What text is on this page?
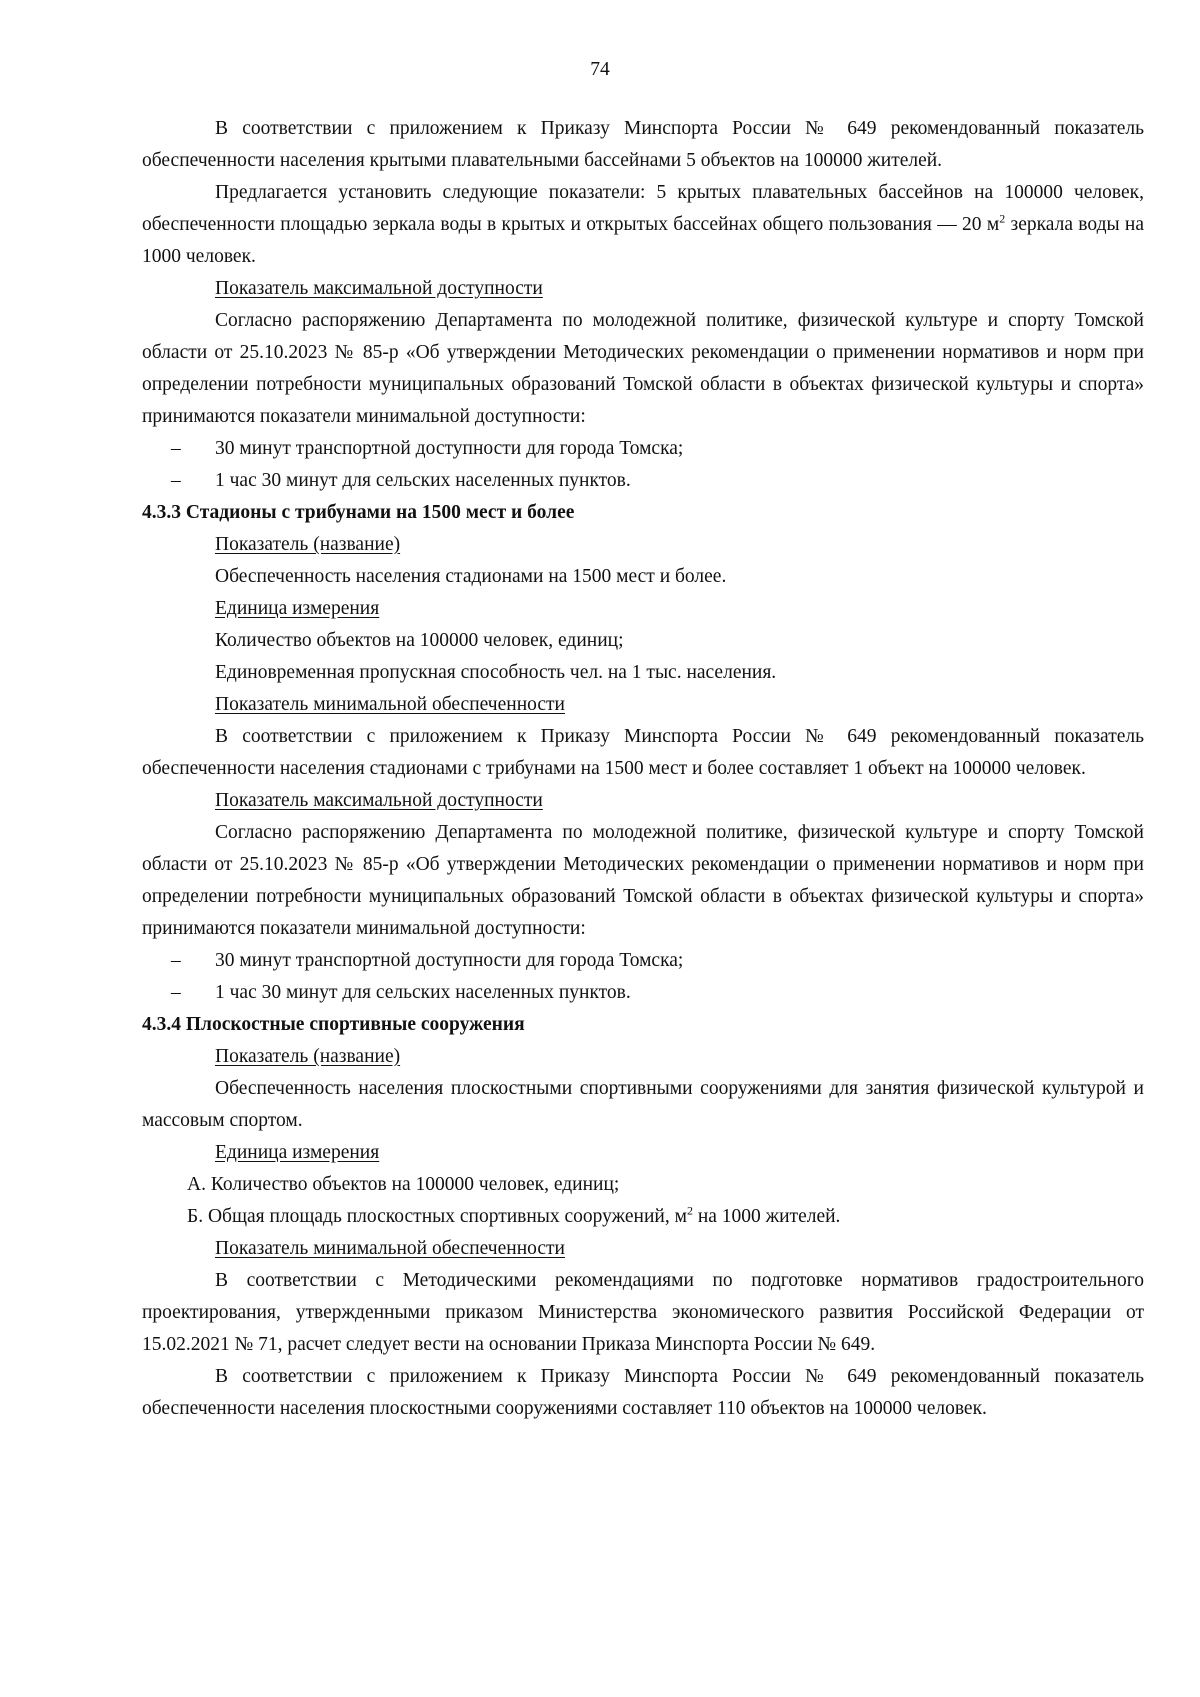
74

В соответствии с приложением к Приказу Минспорта России № 649 рекомендованный показатель обеспеченности населения крытыми плавательными бассейнами 5 объектов на 100000 жителей.

Предлагается установить следующие показатели: 5 крытых плавательных бассейнов на 100000 человек, обеспеченности площадью зеркала воды в крытых и открытых бассейнах общего пользования — 20 $м^2$ зеркала воды на 1000 человек.

Показатель максимальной доступности

Согласно распоряжению Департамента по молодежной политике, физической культуре и спорту Томской области от 25.10.2023 № 85-р «Об утверждении Методических рекомендации о применении нормативов и норм при определении потребности муниципальных образований Томской области в объектах физической культуры и спорта» принимаются показатели минимальной доступности:

– 30 минут транспортной доступности для города Томска;

– 1 час 30 минут для сельских населенных пунктов.

4.3.3 Стадионы с трибунами на 1500 мест и более

Показатель (название)

Обеспеченность населения стадионами на 1500 мест и более.

Единица измерения

Количество объектов на 100000 человек, единиц;

Единовременная пропускная способность чел. на 1 тыс. населения.

Показатель минимальной обеспеченности

В соответствии с приложением к Приказу Минспорта России № 649 рекомендованный показатель обеспеченности населения стадионами с трибунами на 1500 мест и более составляет 1 объект на 100000 человек.

Показатель максимальной доступности

Согласно распоряжению Департамента по молодежной политике, физической культуре и спорту Томской области от 25.10.2023 № 85-р «Об утверждении Методических рекомендации о применении нормативов и норм при определении потребности муниципальных образований Томской области в объектах физической культуры и спорта» принимаются показатели минимальной доступности:

– 30 минут транспортной доступности для города Томска;

– 1 час 30 минут для сельских населенных пунктов.

4.3.4 Плоскостные спортивные сооружения

Показатель (название)

Обеспеченность населения плоскостными спортивными сооружениями для занятия физической культурой и массовым спортом.

Единица измерения

А. Количество объектов на 100000 человек, единиц;

Б. Общая площадь плоскостных спортивных сооружений, $м^2$ на 1000 жителей.

Показатель минимальной обеспеченности

В соответствии с Методическими рекомендациями по подготовке нормативов градостроительного проектирования, утвержденными приказом Министерства экономического развития Российской Федерации от 15.02.2021 № 71, расчет следует вести на основании Приказа Минспорта России № 649.

В соответствии с приложением к Приказу Минспорта России № 649 рекомендованный показатель обеспеченности населения плоскостными сооружениями составляет 110 объектов на 100000 человек.
